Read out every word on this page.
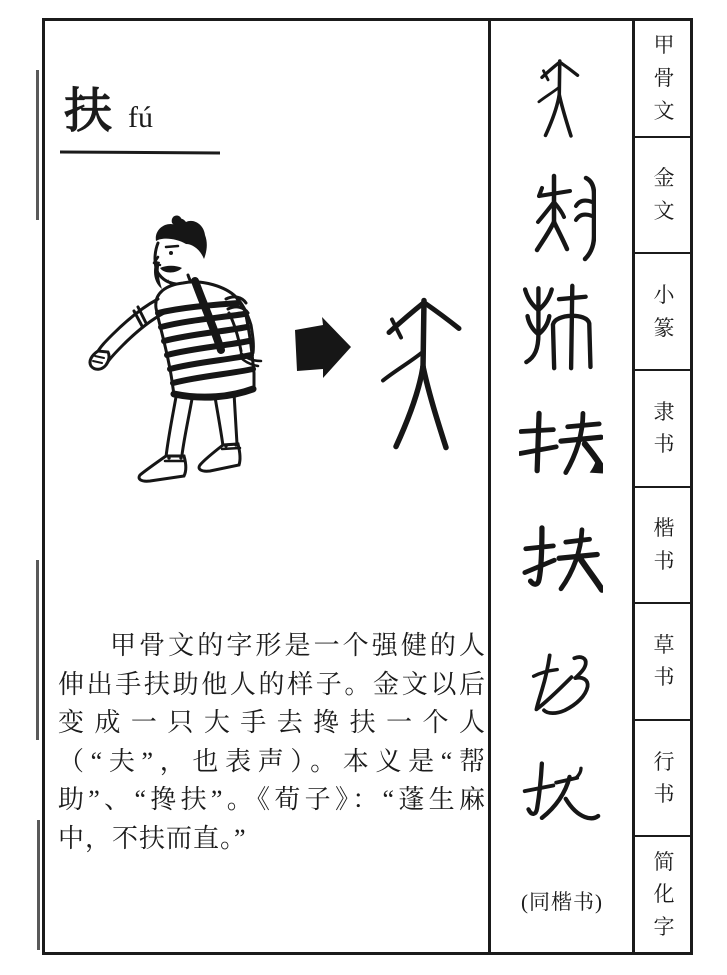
扶 fú

甲骨文的字形是一个强健的人伸出手扶助他人的样子。金文以后变成一只大手去搀扶一个人（“夫”，也表声）。本义是“帮助”、“搀扶”。《荀子》：“蓬生麻中，不扶而直。”

(同楷书)
甲骨文
金文
小篆
隶书
楷书
草书
行书
简化字
